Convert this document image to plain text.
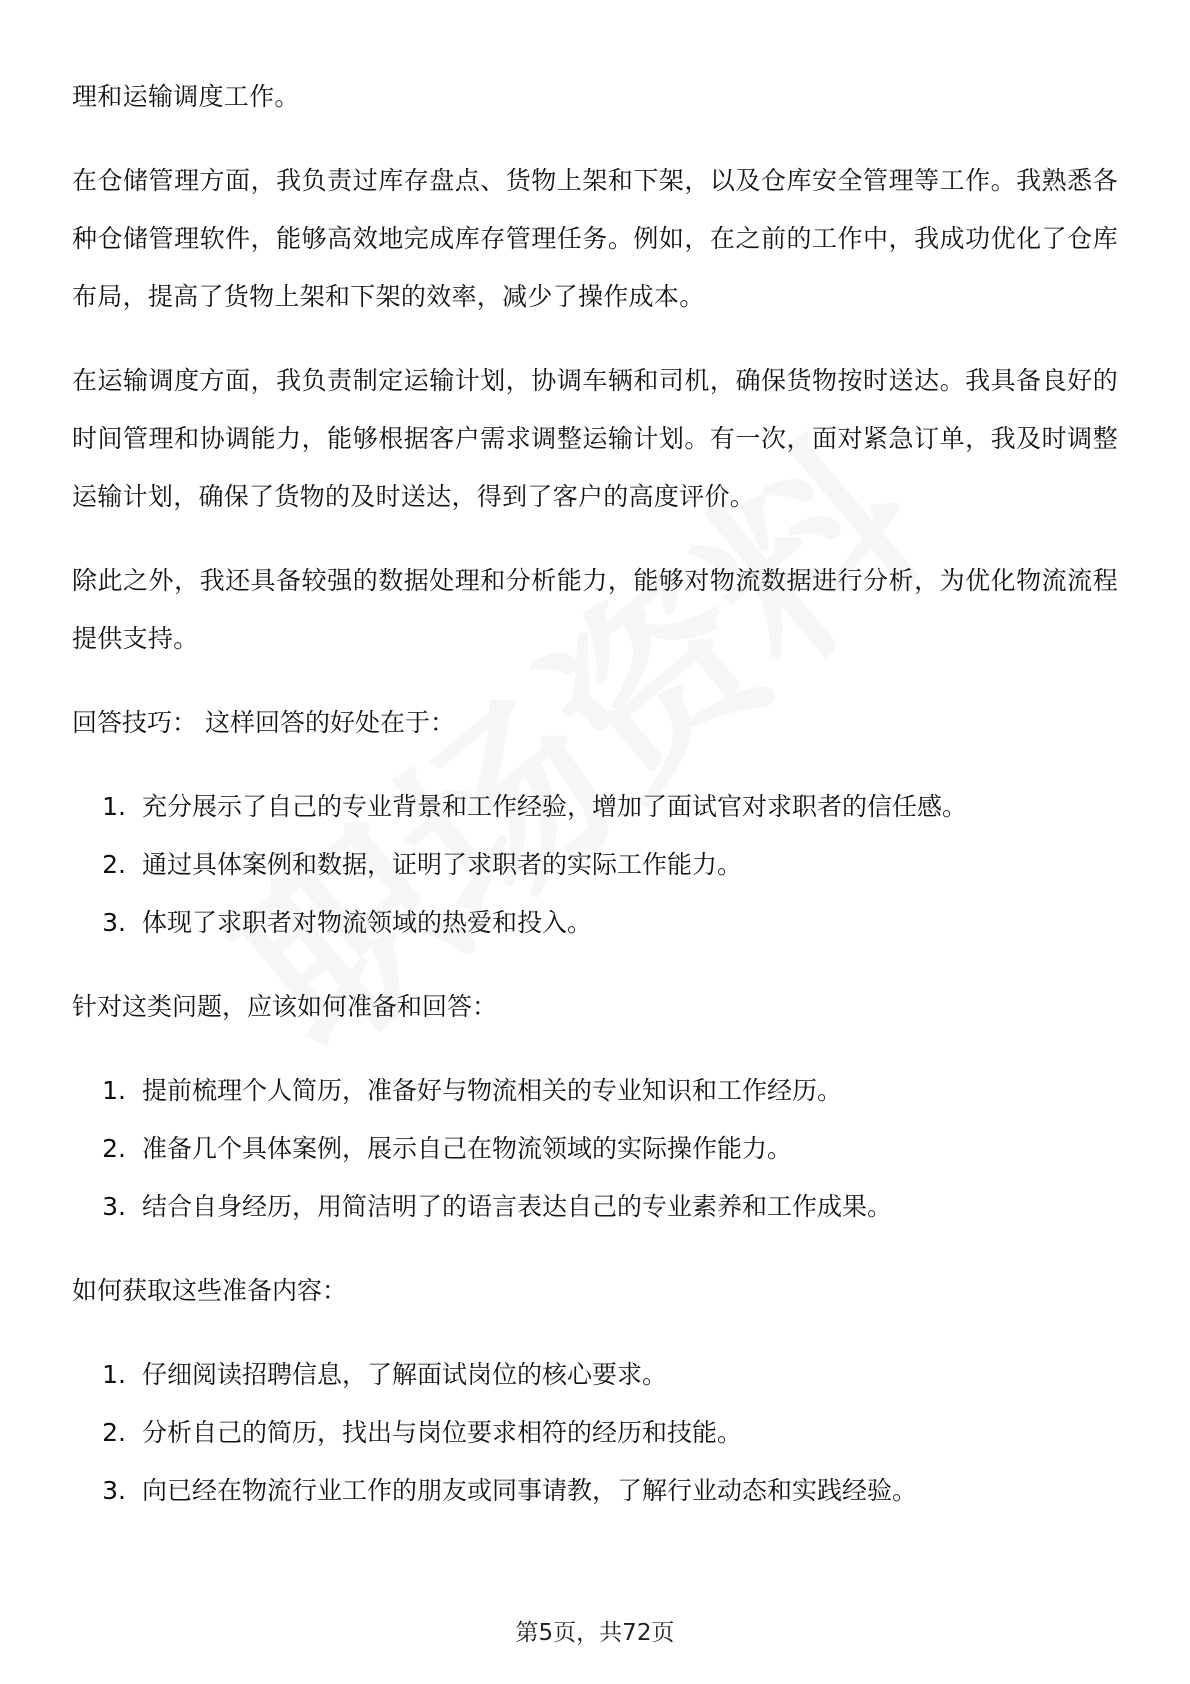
理和运输调度工作。

在仓储管理方面，我负责过库存盘点、货物上架和下架，以及仓库安全管理等工作。我熟悉各种仓储管理软件，能够高效地完成库存管理任务。例如，在之前的工作中，我成功优化了仓库布局，提高了货物上架和下架的效率，减少了操作成本。

在运输调度方面，我负责制定运输计划，协调车辆和司机，确保货物按时送达。我具备良好的时间管理和协调能力，能够根据客户需求调整运输计划。有一次，面对紧急订单，我及时调整运输计划，确保了货物的及时送达，得到了客户的高度评价。

除此之外，我还具备较强的数据处理和分析能力，能够对物流数据进行分析，为优化物流流程提供支持。

回答技巧： 这样回答的好处在于：
1. 充分展示了自己的专业背景和工作经验，增加了面试官对求职者的信任感。
2. 通过具体案例和数据，证明了求职者的实际工作能力。
3. 体现了求职者对物流领域的热爱和投入。
针对这类问题，应该如何准备和回答：
1. 提前梳理个人简历，准备好与物流相关的专业知识和工作经历。
2. 准备几个具体案例，展示自己在物流领域的实际操作能力。
3. 结合自身经历，用简洁明了的语言表达自己的专业素养和工作成果。
如何获取这些准备内容：
1. 仔细阅读招聘信息，了解面试岗位的核心要求。
2. 分析自己的简历，找出与岗位要求相符的经历和技能。
3. 向已经在物流行业工作的朋友或同事请教，了解行业动态和实践经验。
第5页，共72页
